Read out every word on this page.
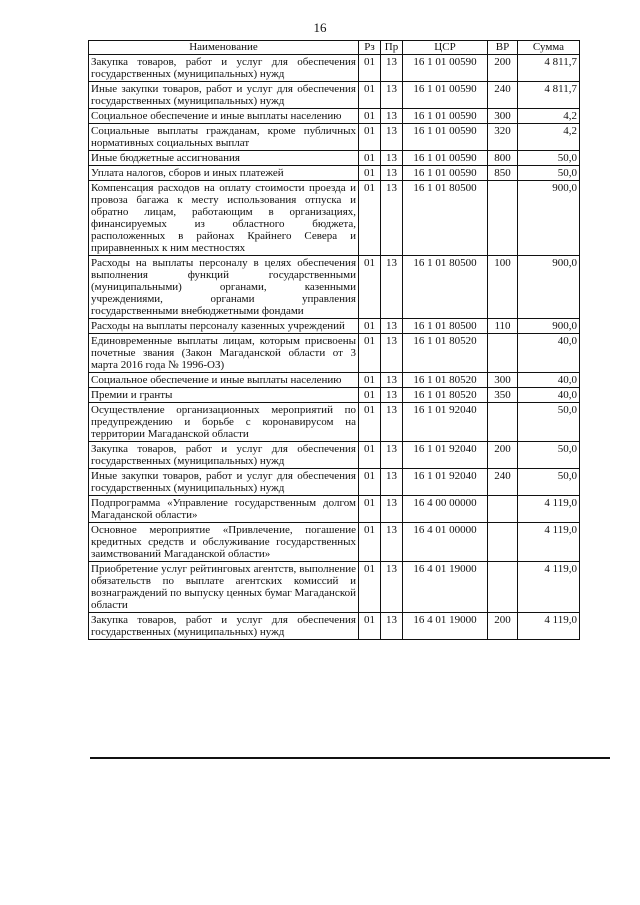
16
Наименование	Рз	Пр	ЦСР	ВР	Сумма
Закупка товаров, работ и услуг для обеспечения государственных (муниципальных) нужд	01	13	16 1 01 00590	200	4 811,7
Иные закупки товаров, работ и услуг для обеспечения государственных (муниципальных) нужд	01	13	16 1 01 00590	240	4 811,7
Социальное обеспечение и иные выплаты населению	01	13	16 1 01 00590	300	4,2
Социальные выплаты гражданам, кроме публичных нормативных социальных выплат	01	13	16 1 01 00590	320	4,2
Иные бюджетные ассигнования	01	13	16 1 01 00590	800	50,0
Уплата налогов, сборов и иных платежей	01	13	16 1 01 00590	850	50,0
Компенсация расходов на оплату стоимости проезда и провоза багажа к месту использования отпуска и обратно лицам, работающим в организациях, финансируемых из областного бюджета, расположенных в районах Крайнего Севера и приравненных к ним местностях	01	13	16 1 01 80500		900,0
Расходы на выплаты персоналу в целях обеспечения выполнения функций государственными (муниципальными) органами, казенными учреждениями, органами управления государственными внебюджетными фондами	01	13	16 1 01 80500	100	900,0
Расходы на выплаты персоналу казенных учреждений	01	13	16 1 01 80500	110	900,0
Единовременные выплаты лицам, которым присвоены почетные звания (Закон Магаданской области от 3 марта 2016 года № 1996-ОЗ)	01	13	16 1 01 80520		40,0
Социальное обеспечение и иные выплаты населению	01	13	16 1 01 80520	300	40,0
Премии и гранты	01	13	16 1 01 80520	350	40,0
Осуществление организационных мероприятий по предупреждению и борьбе с коронавирусом на территории Магаданской области	01	13	16 1 01 92040		50,0
Закупка товаров, работ и услуг для обеспечения государственных (муниципальных) нужд	01	13	16 1 01 92040	200	50,0
Иные закупки товаров, работ и услуг для обеспечения государственных (муниципальных) нужд	01	13	16 1 01 92040	240	50,0
Подпрограмма «Управление государственным долгом Магаданской области»	01	13	16 4 00 00000		4 119,0
Основное мероприятие «Привлечение, погашение кредитных средств и обслуживание государственных заимствований Магаданской области»	01	13	16 4 01 00000		4 119,0
Приобретение услуг рейтинговых агентств, выполнение обязательств по выплате агентских комиссий и вознаграждений по выпуску ценных бумаг Магаданской области	01	13	16 4 01 19000		4 119,0
Закупка товаров, работ и услуг для обеспечения государственных (муниципальных) нужд	01	13	16 4 01 19000	200	4 119,0
